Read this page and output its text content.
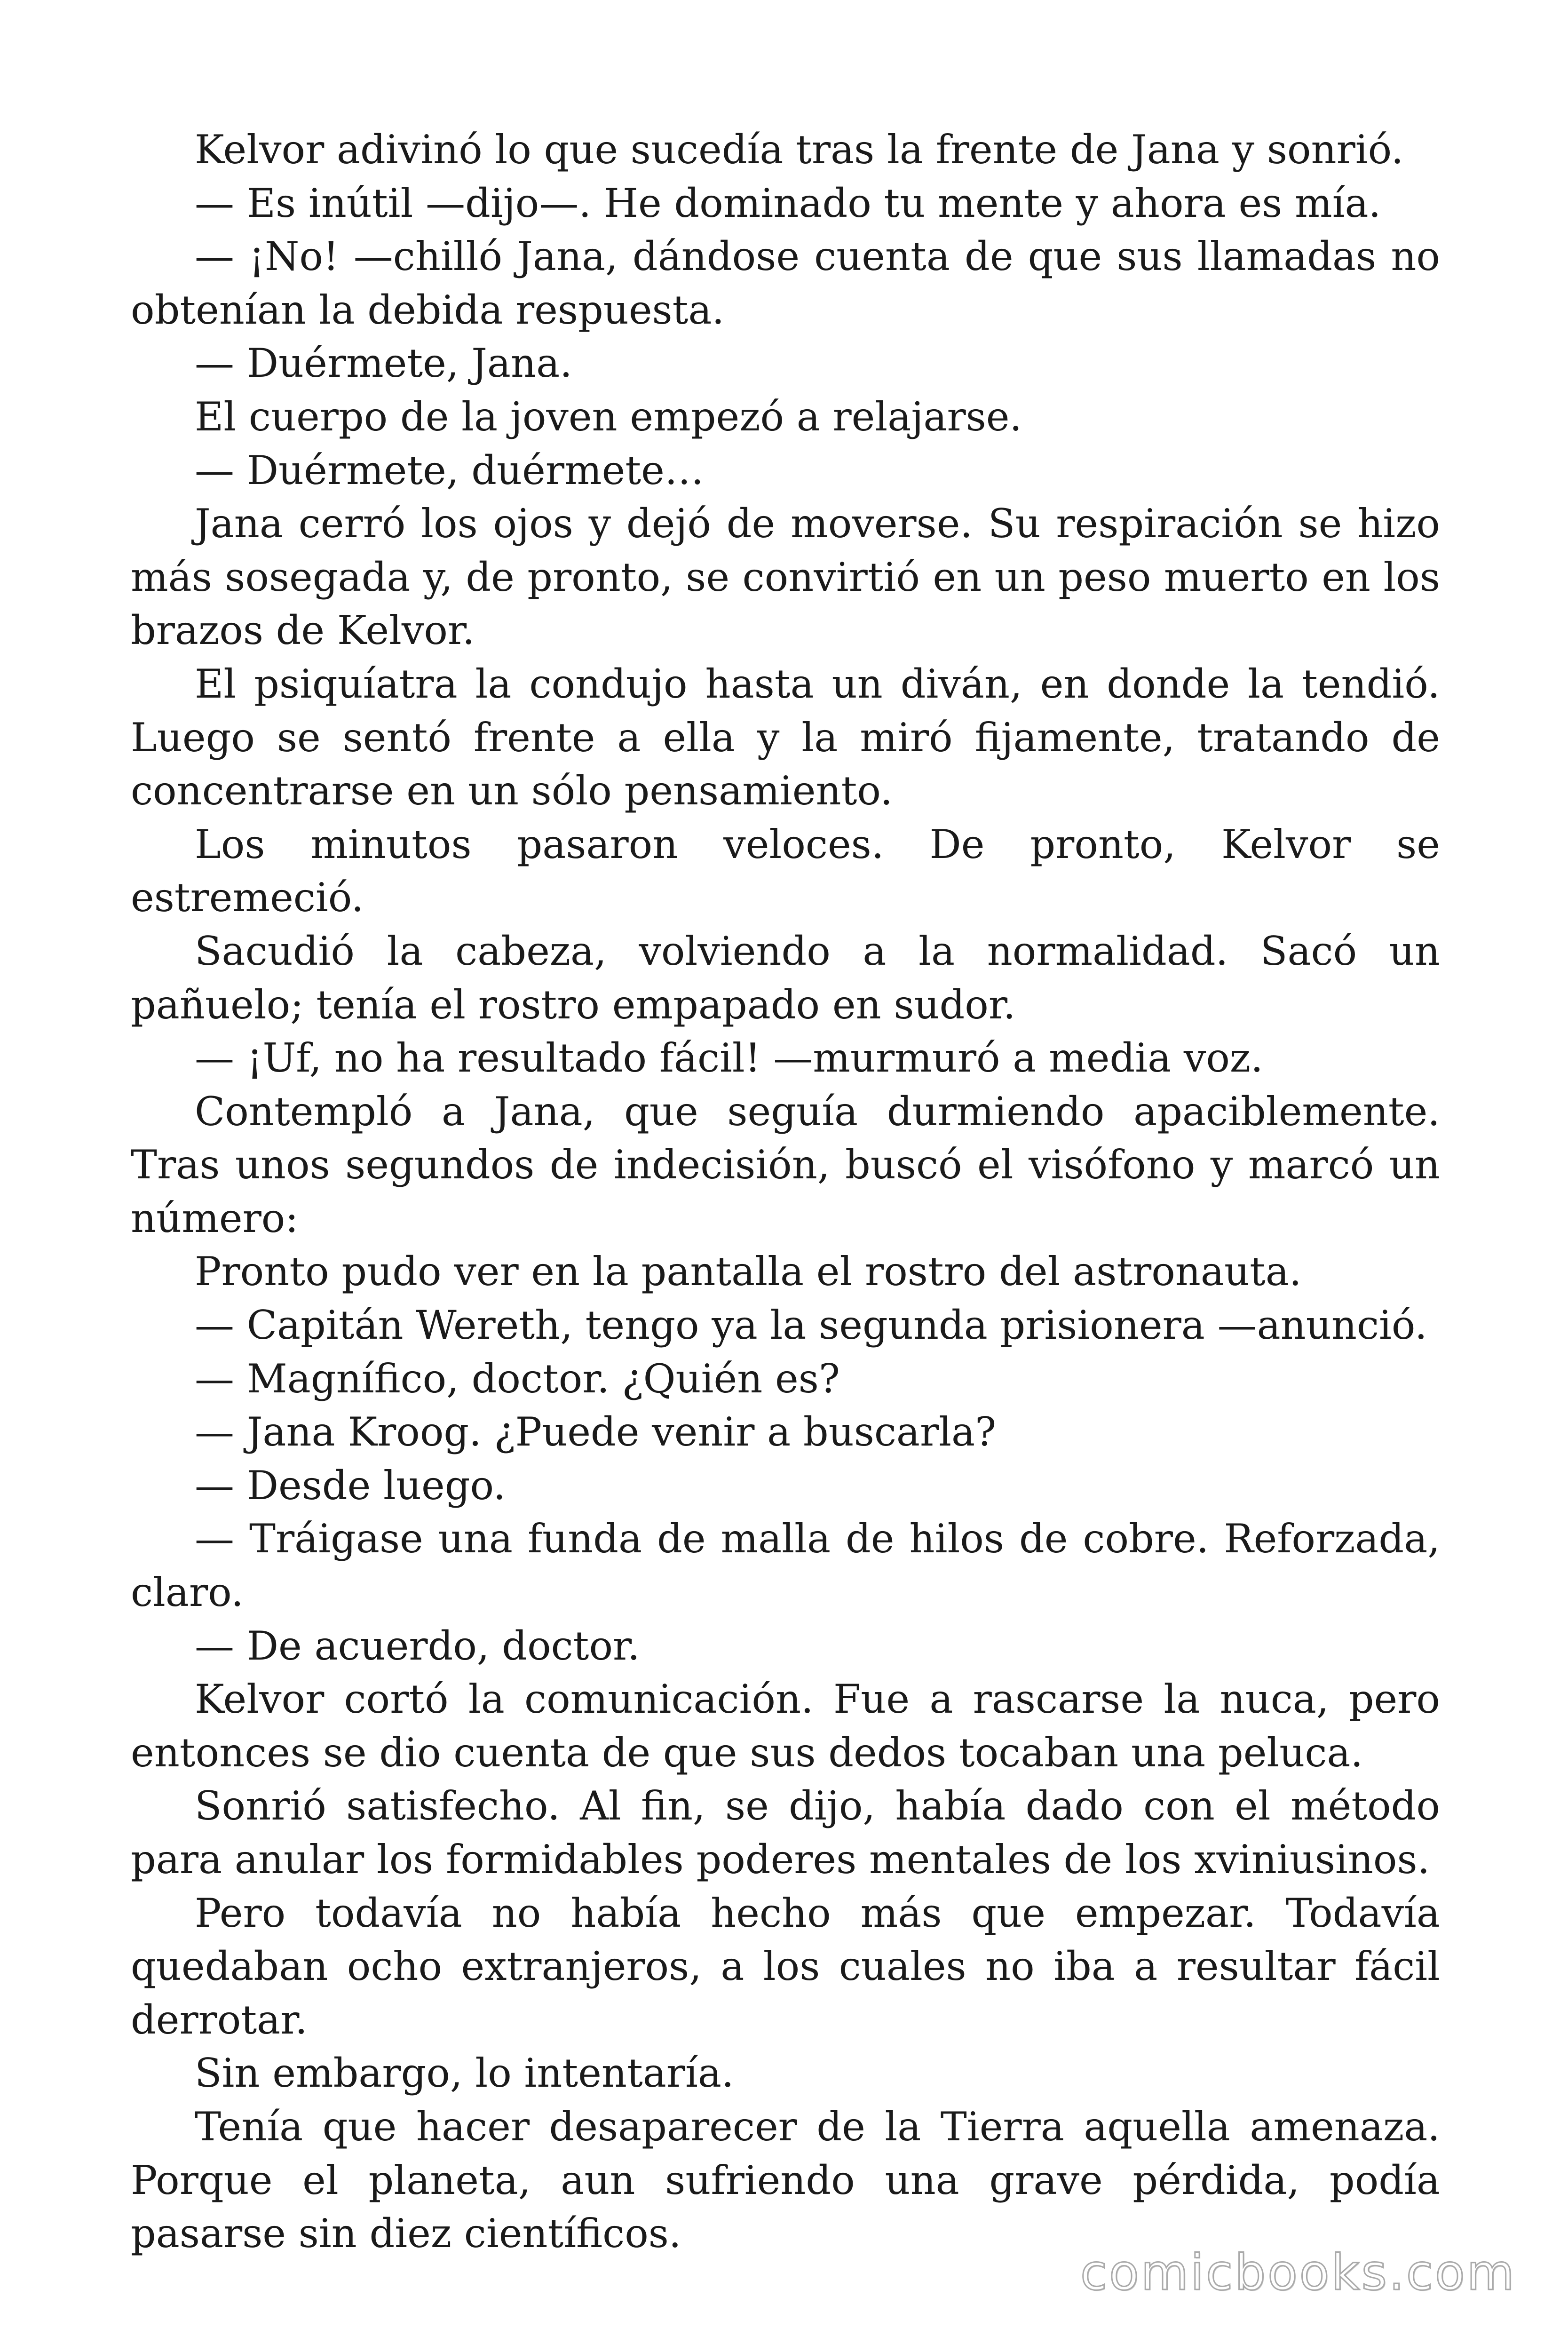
Kelvor adivinó lo que sucedía tras la frente de Jana y sonrió.

— Es inútil —dijo—. He dominado tu mente y ahora es mía.

— ¡No! —chilló Jana, dándose cuenta de que sus llamadas no obtenían la debida respuesta.

— Duérmete, Jana.

El cuerpo de la joven empezó a relajarse.

— Duérmete, duérmete…

Jana cerró los ojos y dejó de moverse. Su respiración se hizo más sosegada y, de pronto, se convirtió en un peso muerto en los brazos de Kelvor.

El psiquíatra la condujo hasta un diván, en donde la tendió. Luego se sentó frente a ella y la miró fijamente, tratando de concentrarse en un sólo pensamiento.

Los minutos pasaron veloces. De pronto, Kelvor se estremeció.

Sacudió la cabeza, volviendo a la normalidad. Sacó un pañuelo; tenía el rostro empapado en sudor.

— ¡Uf, no ha resultado fácil! —murmuró a media voz.

Contempló a Jana, que seguía durmiendo apaciblemente. Tras unos segundos de indecisión, buscó el visófono y marcó un número:

Pronto pudo ver en la pantalla el rostro del astronauta.

— Capitán Wereth, tengo ya la segunda prisionera —anunció.

— Magnífico, doctor. ¿Quién es?

— Jana Kroog. ¿Puede venir a buscarla?

— Desde luego.

— Tráigase una funda de malla de hilos de cobre. Reforzada, claro.

— De acuerdo, doctor.

Kelvor cortó la comunicación. Fue a rascarse la nuca, pero entonces se dio cuenta de que sus dedos tocaban una peluca.

Sonrió satisfecho. Al fin, se dijo, había dado con el método para anular los formidables poderes mentales de los xviniusinos.

Pero todavía no había hecho más que empezar. Todavía quedaban ocho extranjeros, a los cuales no iba a resultar fácil derrotar.

Sin embargo, lo intentaría.

Tenía que hacer desaparecer de la Tierra aquella amenaza. Porque el planeta, aun sufriendo una grave pérdida, podía pasarse sin diez científicos.

comicbooks.com
